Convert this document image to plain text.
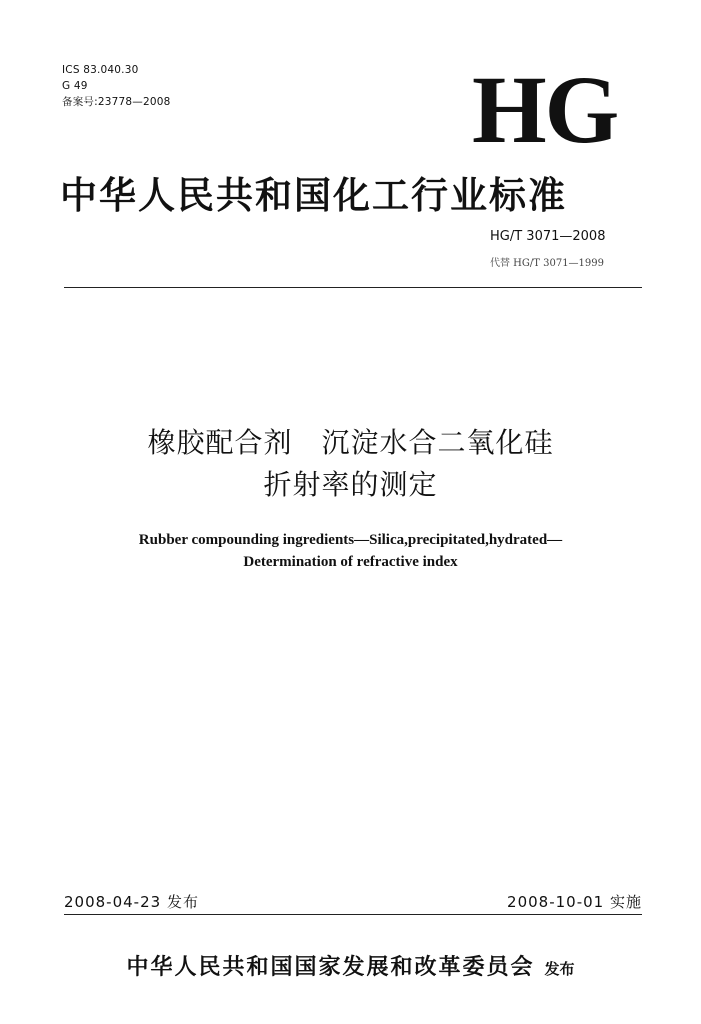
ICS 83.040.30
G 49
备案号:23778—2008	HG
中华人民共和国化工行业标准
HG/T 3071—2008
代替 HG/T 3071—1999
橡胶配合剂　沉淀水合二氧化硅
折射率的测定
Rubber compounding ingredients—Silica,precipitated,hydrated—
Determination of refractive index
2008-04-23 发布	2008-10-01 实施
中华人民共和国国家发展和改革委员会 发布
